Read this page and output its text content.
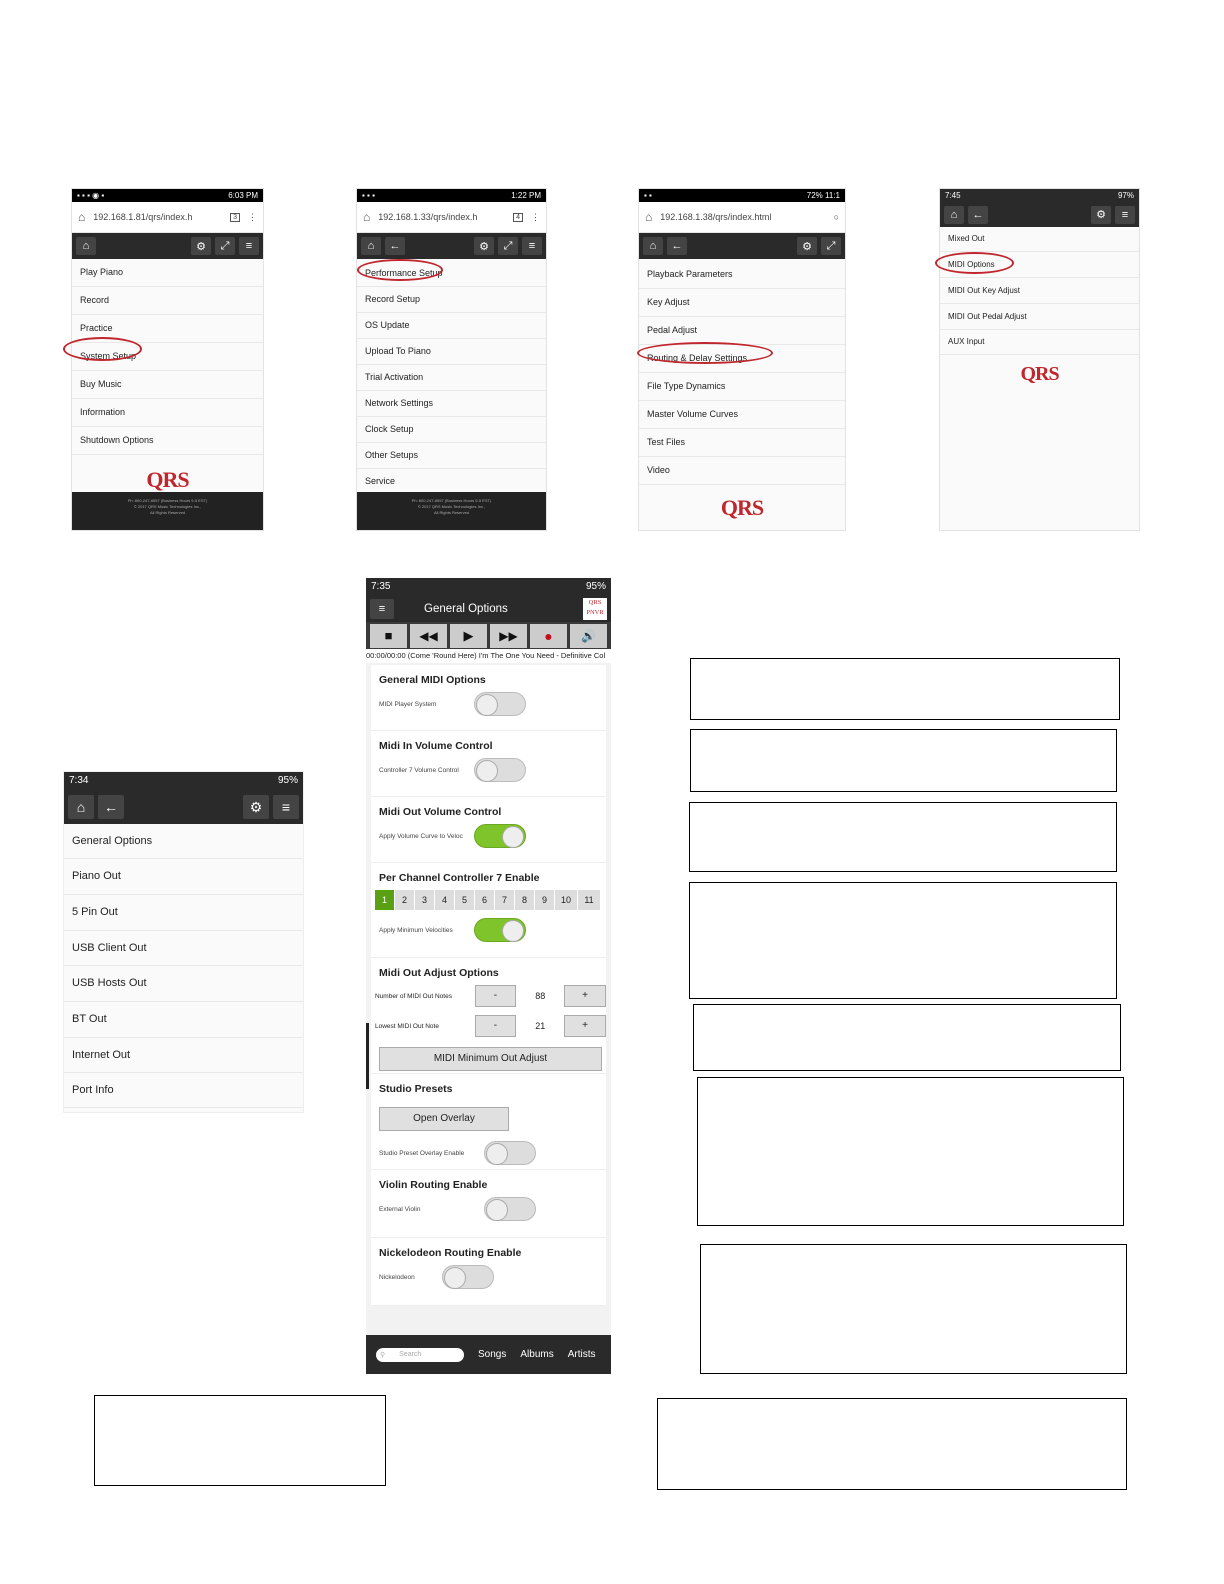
▪ ▪ ▪ ◉ ▪	6:03 PM
⌂ 192.168.1.81/qrs/index.h	3	⋮
⌂	⚙	⤢	≡
Play Piano
Record
Practice
System Setup
Buy Music
Information
Shutdown Options
QRS
Ph: 800-247-6557 (Business Hours 9-5 EST)
© 2017 QRS Music Technologies Inc.,
All Rights Reserved
▪ ▪ ▪	1:22 PM
⌂ 192.168.1.33/qrs/index.h	4	⋮
⌂	←	⚙	⤢	≡
Performance Setup
Record Setup
OS Update
Upload To Piano
Trial Activation
Network Settings
Clock Setup
Other Setups
Service
Ph: 800-247-6557 (Business Hours 9-5 EST)
© 2017 QRS Music Technologies Inc.,
All Rights Reserved
▪ ▪	72% 11:1
⌂ 192.168.1.38/qrs/index.html	○
⌂	←	⚙	⤢
Playback Parameters
Key Adjust
Pedal Adjust
Routing & Delay Settings
File Type Dynamics
Master Volume Curves
Test Files
Video
QRS
7:45	97%
⌂	←	⚙	≡
Mixed Out
MIDI Options
MIDI Out Key Adjust
MIDI Out Pedal Adjust
AUX Input
QRS
7:34	95%
⌂	←	⚙	≡
General Options
Piano Out
5 Pin Out
USB Client Out
USB Hosts Out
BT Out
Internet Out
Port Info
7:35	95%
≡	General Options
QRS PNVR
■	◀◀	▶	▶▶	●	🔊
00:00/00:00 (Come 'Round Here) I'm The One You Need - Definitive Col
General MIDI Options
MIDI Player System
Midi In Volume Control
Controller 7 Volume Control
Midi Out Volume Control
Apply Volume Curve to Veloc
Per Channel Controller 7 Enable
1	2	3	4	5	6	7	8	9	10	11
Apply Minimum Velocities
Midi Out Adjust Options
Number of MIDI Out Notes	-	88	+
Lowest MIDI Out Note	-	21	+
MIDI Minimum Out Adjust
Studio Presets
Open Overlay
Studio Preset Overlay Enable
Violin Routing Enable
External Violin
Nickelodeon Routing Enable
Nickelodeon
⚲ Search	Songs Albums Artists
